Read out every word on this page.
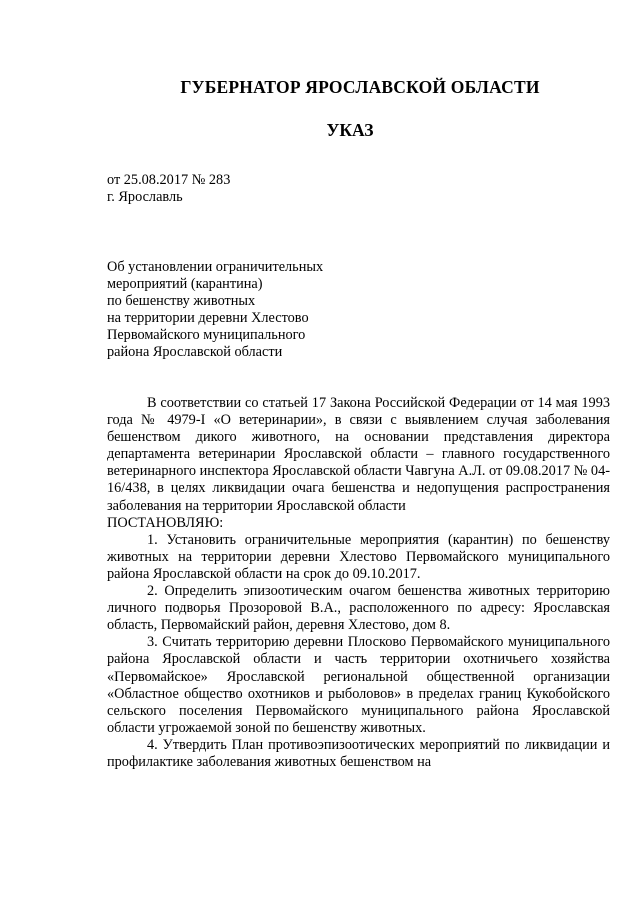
ГУБЕРНАТОР ЯРОСЛАВСКОЙ ОБЛАСТИ
УКАЗ
от 25.08.2017 № 283
г. Ярославль
Об установлении ограничительных
мероприятий (карантина)
по бешенству животных
на территории деревни Хлестово
Первомайского муниципального
района Ярославской области

В соответствии со статьей 17 Закона Российской Федерации от 14 мая 1993 года № 4979-I «О ветеринарии», в связи с выявлением случая заболевания бешенством дикого животного, на основании представления директора департамента ветеринарии Ярославской области – главного государственного ветеринарного инспектора Ярославской области Чавгуна А.Л. от 09.08.2017 № 04-16/438, в целях ликвидации очага бешенства и недопущения распространения заболевания на территории Ярославской области

ПОСТАНОВЛЯЮ:

1. Установить ограничительные мероприятия (карантин) по бешенству животных на территории деревни Хлестово Первомайского муниципального района Ярославской области на срок до 09.10.2017.

2. Определить эпизоотическим очагом бешенства животных территорию личного подворья Прозоровой В.А., расположенного по адресу: Ярославская область, Первомайский район, деревня Хлестово, дом 8.

3. Считать территорию деревни Плосково Первомайского муниципального района Ярославской области и часть территории охотничьего хозяйства «Первомайское» Ярославской региональной общественной организации «Областное общество охотников и рыболовов» в пределах границ Кукобойского сельского поселения Первомайского муниципального района Ярославской области угрожаемой зоной по бешенству животных.

4. Утвердить План противоэпизоотических мероприятий по ликвидации и профилактике заболевания животных бешенством на
